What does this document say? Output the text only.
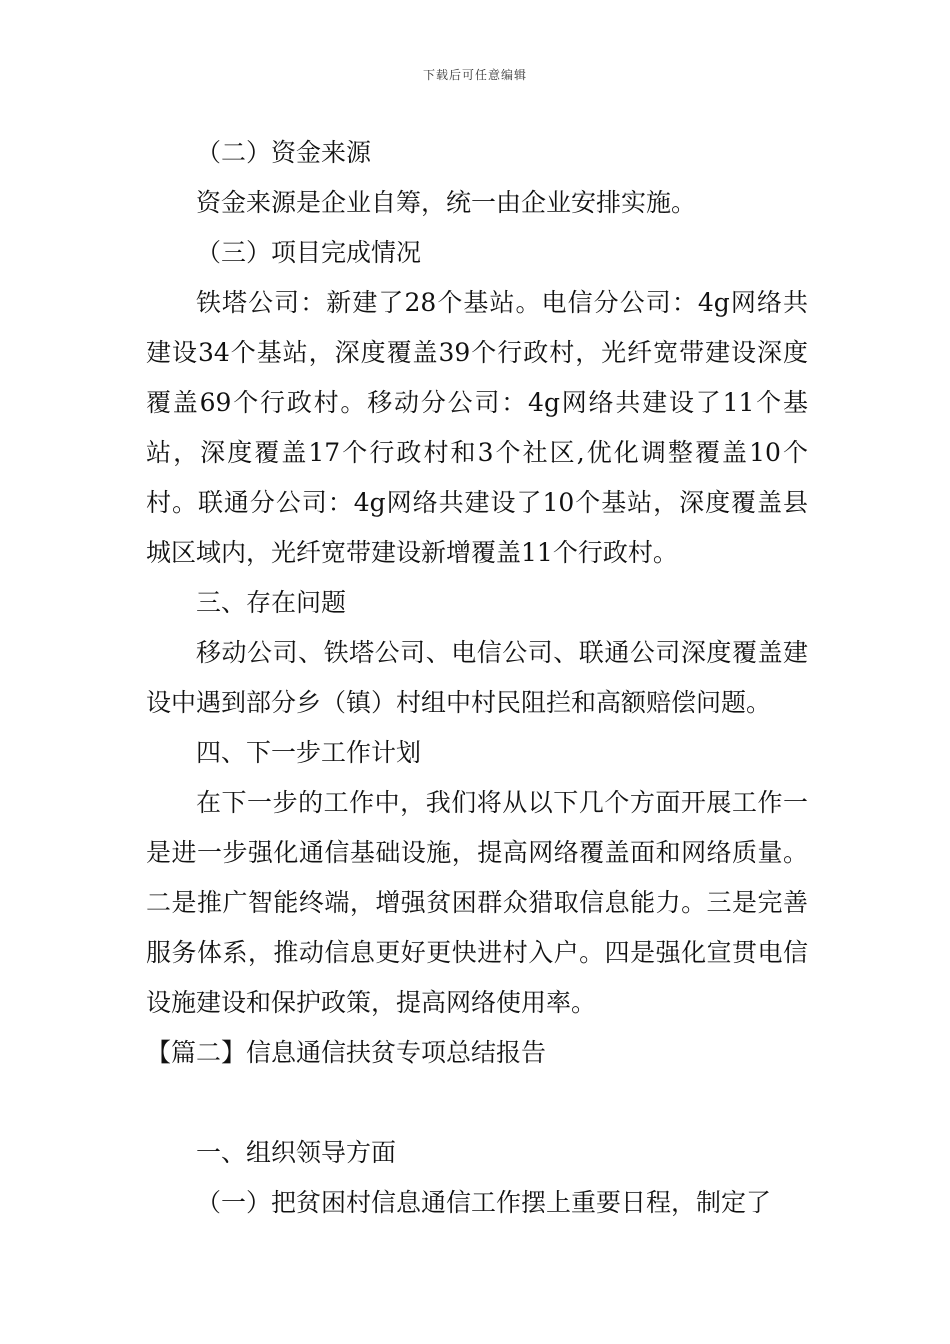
下载后可任意编辑

（二）资金来源

资金来源是企业自筹，统一由企业安排实施。

（三）项目完成情况

铁塔公司：新建了28个基站。电信分公司：4g网络共建设34个基站，深度覆盖39个行政村，光纤宽带建设深度覆盖69个行政村。移动分公司：4g网络共建设了11个基站，深度覆盖17个行政村和3个社区,优化调整覆盖10个村。联通分公司：4g网络共建设了10个基站，深度覆盖县城区域内，光纤宽带建设新增覆盖11个行政村。

三、存在问题

移动公司、铁塔公司、电信公司、联通公司深度覆盖建设中遇到部分乡（镇）村组中村民阻拦和高额赔偿问题。

四、下一步工作计划

在下一步的工作中，我们将从以下几个方面开展工作一是进一步强化通信基础设施，提高网络覆盖面和网络质量。二是推广智能终端，增强贫困群众猎取信息能力。三是完善服务体系，推动信息更好更快进村入户。四是强化宣贯电信设施建设和保护政策，提高网络使用率。

【篇二】信息通信扶贫专项总结报告

一、组织领导方面

（一）把贫困村信息通信工作摆上重要日程，制定了
